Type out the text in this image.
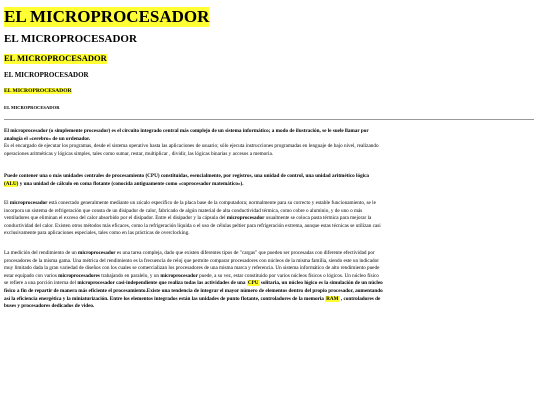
EL MICROPROCESADOR
EL MICROPROCESADOR
EL MICROPROCESADOR
EL MICROPROCESADOR
EL MICROPROCESADOR
EL MICROPROCESADOR

El microprocesador (o simplemente procesador) es el circuito integrado central más complejo de un sistema informático; a modo de ilustración, se le suele llamar por analogía el «cerebro» de un ordenador.
Es el encargado de ejecutar los programas, desde el sistema operativo hasta las aplicaciones de usuario; sólo ejecuta instrucciones programadas en lenguaje de bajo nivel, realizando operaciones aritméticas y lógicas simples, tales como sumar, restar, multiplicar , dividir, las lógicas binarias y accesos a memoria.

Puede contener una o más unidades centrales de procesamiento (CPU) constituidas, esencialmente, por registros, una unidad de control, una unidad aritmético lógica (ALU) y una unidad de cálculo en coma flotante (conocida antiguamente como «coprocesador matemático»).

El microprocesador está conectado generalmente mediante un zócalo específico de la placa base de la computadora; normalmente para su correcto y estable funcionamiento, se le incorpora un sistema de refrigeración que consta de un disipador de calor, fabricado de algún material de alta conductividad térmica, como cobre o aluminio, y de uno o más ventiladores que eliminan el exceso del calor absorbido por el disipador. Entre el disipador y la cápsula del microprocesador usualmente se coloca pasta térmica para mejorar la conductividad del calor. Existen otros métodos más eficaces, como la refrigeración líquida o el uso de células peltier para refrigeración extrema, aunque estas técnicas se utilizan casi exclusivamente para aplicaciones especiales, tales como en las prácticas de overclocking.

La medición del rendimiento de un microprocesador es una tarea compleja, dado que existen diferentes tipos de "cargas" que pueden ser procesadas con diferente efectividad por procesadores de la misma gama. Una métrica del rendimiento es la frecuencia de reloj que permite comparar procesadores con núcleos de la misma familia, siendo este un indicador muy limitado dada la gran variedad de diseños con los cuales se comercializan los procesadores de una misma marca y referencia. Un sistema informático de alto rendimiento puede estar equipado con varios microprocesadores trabajando en paralelo, y un microprocesador puede, a su vez, estar constituido por varios núcleos físicos o lógicos. Un núcleo físico se refiere a una porción interna del microprocesador casi-independiente que realiza todas las actividades de una CPU solitaria, un núcleo lógico es la simulación de un núcleo físico a fin de repartir de manera más eficiente el procesamiento.Existe una tendencia de integrar el mayor número de elementos dentro del propio procesador, aumentando así la eficiencia energética y la miniaturización. Entre los elementos integrados están las unidades de punto flotante, controladores de la memoria RAM , controladores de buses y procesadores dedicados de video.
